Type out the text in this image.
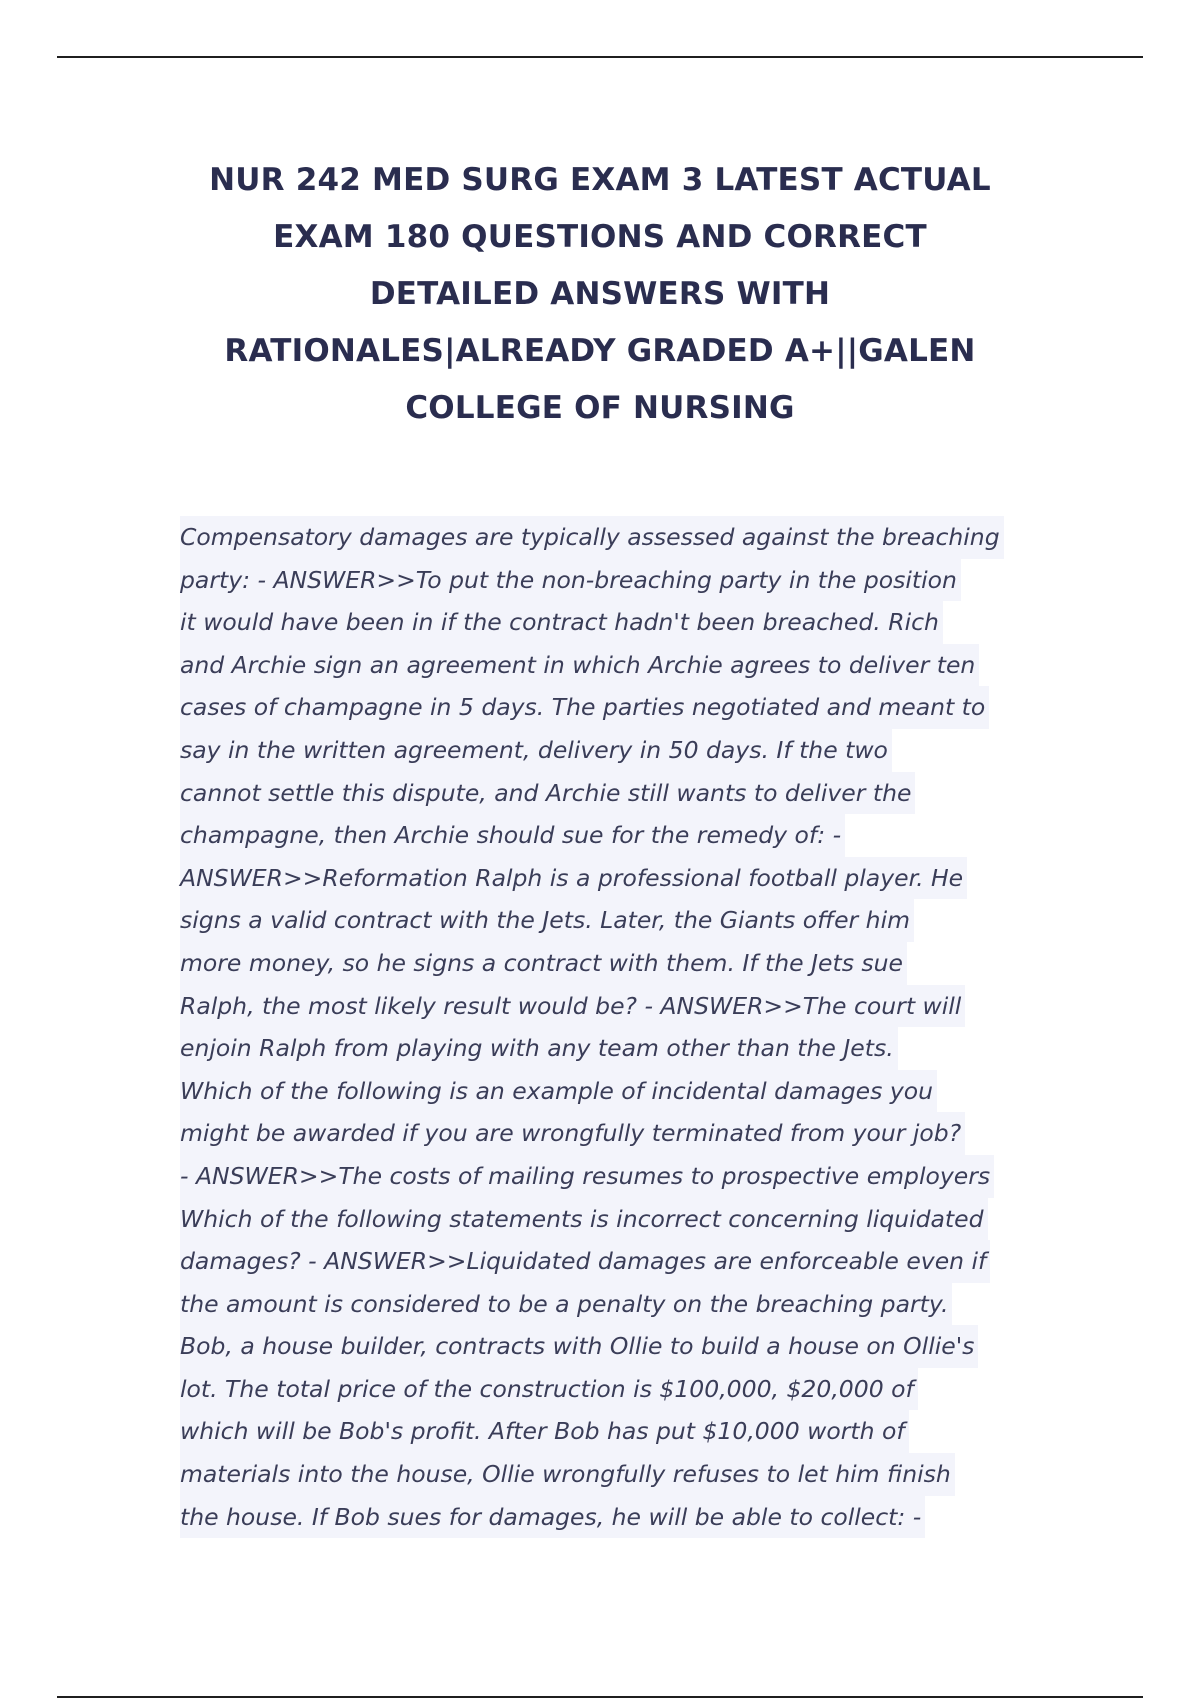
NUR 242 MED SURG EXAM 3 LATEST ACTUAL
EXAM 180 QUESTIONS AND CORRECT
DETAILED ANSWERS WITH
RATIONALES|ALREADY GRADED A+||GALEN
COLLEGE OF NURSING
Compensatory damages are typically assessed against the breaching
party: - ANSWER>>To put the non-breaching party in the position
it would have been in if the contract hadn't been breached. Rich
and Archie sign an agreement in which Archie agrees to deliver ten
cases of champagne in 5 days. The parties negotiated and meant to
say in the written agreement, delivery in 50 days. If the two
cannot settle this dispute, and Archie still wants to deliver the
champagne, then Archie should sue for the remedy of: -
ANSWER>>Reformation Ralph is a professional football player. He
signs a valid contract with the Jets. Later, the Giants offer him
more money, so he signs a contract with them. If the Jets sue
Ralph, the most likely result would be? - ANSWER>>The court will
enjoin Ralph from playing with any team other than the Jets.
Which of the following is an example of incidental damages you
might be awarded if you are wrongfully terminated from your job?
- ANSWER>>The costs of mailing resumes to prospective employers
Which of the following statements is incorrect concerning liquidated
damages? - ANSWER>>Liquidated damages are enforceable even if
the amount is considered to be a penalty on the breaching party.
Bob, a house builder, contracts with Ollie to build a house on Ollie's
lot. The total price of the construction is $100,000, $20,000 of
which will be Bob's profit. After Bob has put $10,000 worth of
materials into the house, Ollie wrongfully refuses to let him finish
the house. If Bob sues for damages, he will be able to collect: -
